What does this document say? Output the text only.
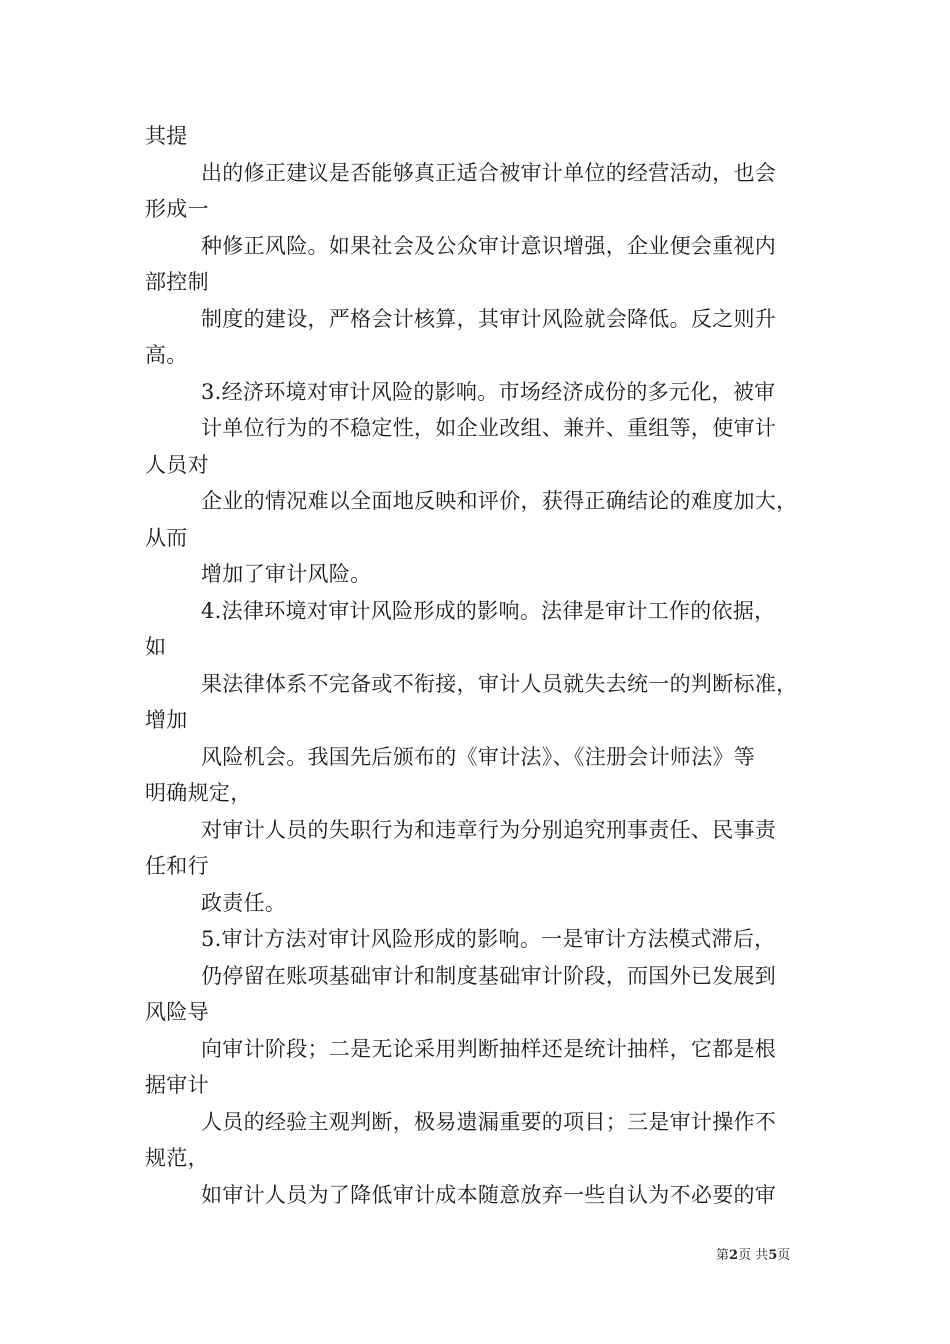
其提
出的修正建议是否能够真正适合被审计单位的经营活动，也会
形成一
种修正风险。如果社会及公众审计意识增强，企业便会重视内
部控制
制度的建设，严格会计核算，其审计风险就会降低。反之则升
高。
3.经济环境对审计风险的影响。市场经济成份的多元化，被审
计单位行为的不稳定性，如企业改组、兼并、重组等，使审计
人员对
企业的情况难以全面地反映和评价，获得正确结论的难度加大，
从而
增加了审计风险。
4.法律环境对审计风险形成的影响。法律是审计工作的依据，
如
果法律体系不完备或不衔接，审计人员就失去统一的判断标准，
增加
风险机会。我国先后颁布的《审计法》、《注册会计师法》等
明确规定，
对审计人员的失职行为和违章行为分别追究刑事责任、民事责
任和行
政责任。
5.审计方法对审计风险形成的影响。一是审计方法模式滞后，
仍停留在账项基础审计和制度基础审计阶段，而国外已发展到
风险导
向审计阶段；二是无论采用判断抽样还是统计抽样，它都是根
据审计
人员的经验主观判断，极易遗漏重要的项目；三是审计操作不
规范，
如审计人员为了降低审计成本随意放弃一些自认为不必要的审
第2页 共5页
